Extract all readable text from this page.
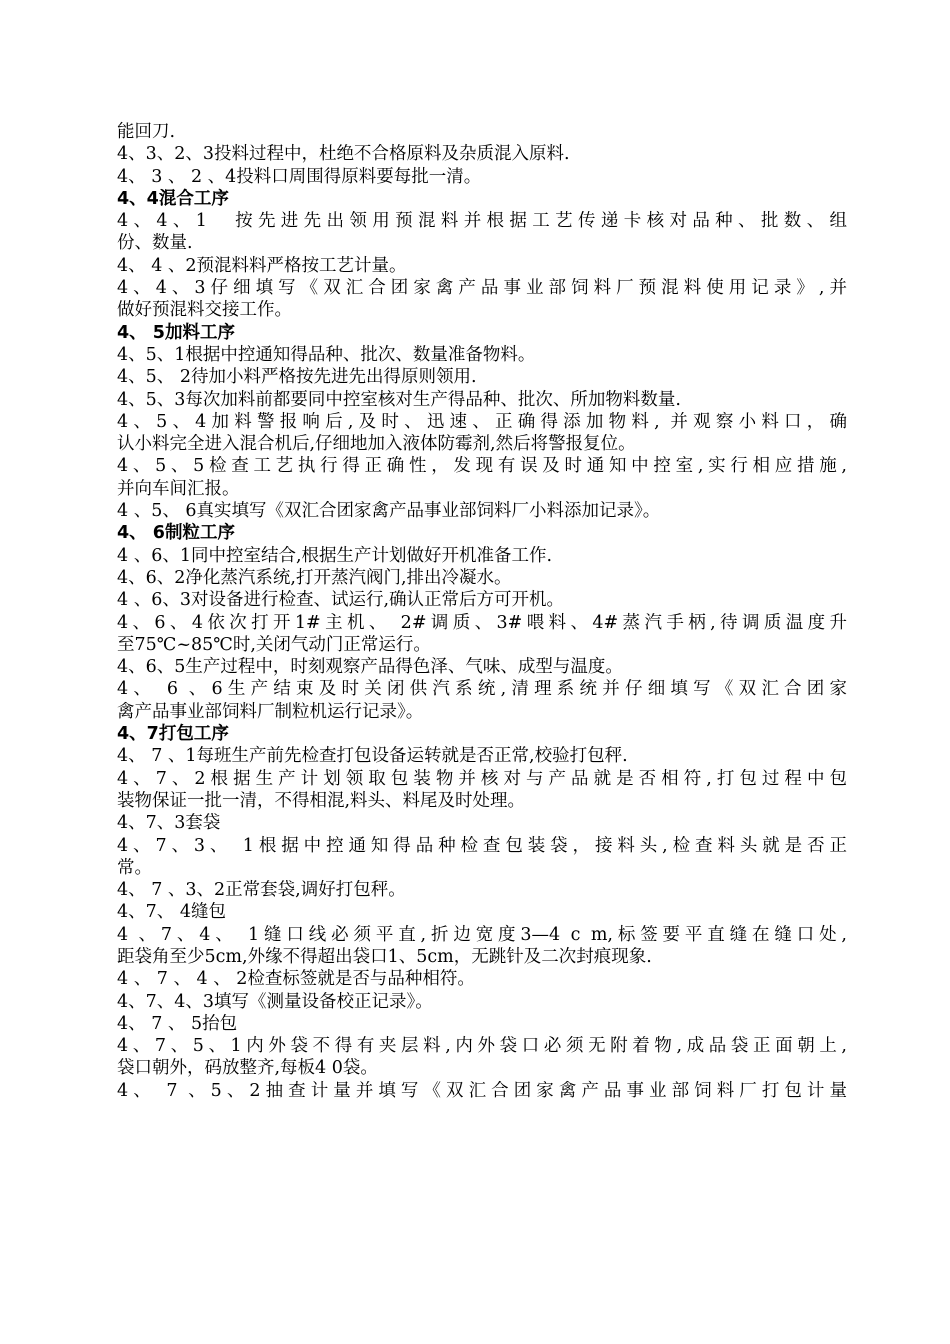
能回刀.
4、3、2、3投料过程中，杜绝不合格原料及杂质混入原料.
4、 3 、 2 、4投料口周围得原料要每批一清。
4、4混合工序
4、4、1　按先进先出领用预混料并根据工艺传递卡核对品种、批数、组
份、数量.
4、 4 、2预混料料严格按工艺计量。
4、4、3仔细填写《双汇合团家禽产品事业部饲料厂预混料使用记录》,并
做好预混料交接工作。
4、 5加料工序
4、5、1根据中控通知得品种、批次、数量准备物料。
4、5、 2待加小料严格按先进先出得原则领用.
4、5、3每次加料前都要同中控室核对生产得品种、批次、所加物料数量.
4、5、4加料警报响后,及时、迅速、正确得添加物料, 并观察小料口，确
认小料完全进入混合机后,仔细地加入液体防霉剂,然后将警报复位。
4、5、5检查工艺执行得正确性，发现有误及时通知中控室,实行相应措施,
并向车间汇报。
4 、5、 6真实填写《双汇合团家禽产品事业部饲料厂小料添加记录》。
4、 6制粒工序
4 、6、1同中控室结合,根据生产计划做好开机准备工作.
4、6、2净化蒸汽系统,打开蒸汽阀门,排出冷凝水。
4 、6、3对设备进行检查、试运行,确认正常后方可开机。
4、6、4依次打开1#主机、 2#调质、3#喂料、4#蒸汽手柄,待调质温度升
至75℃~85℃时,关闭气动门正常运行。
4、6、5生产过程中，时刻观察产品得色泽、气味、成型与温度。
4、 6 、6生产结束及时关闭供汽系统,清理系统并仔细填写《双汇合团家
禽产品事业部饲料厂制粒机运行记录》。
4、7打包工序
4、 7 、1每班生产前先检查打包设备运转就是否正常,校验打包秤.
4、7、2根据生产计划领取包装物并核对与产品就是否相符,打包过程中包
装物保证一批一清，不得相混,料头、料尾及时处理。
4、7、3套袋
4、7、3、 1根据中控通知得品种检查包装袋，接料头,检查料头就是否正
常。
4、 7 、3、2正常套袋,调好打包秤。
4、7、 4缝包
4 、7、4、 1缝口线必须平直,折边宽度3—4 c m,标签要平直缝在缝口处,
距袋角至少5cm,外缘不得超出袋口1、5cm，无跳针及二次封痕现象.
4 、 7 、 4 、 2检查标签就是否与品种相符。
4、7、4、3填写《测量设备校正记录》。
4、 7 、 5抬包
4、7、5、1内外袋不得有夹层料,内外袋口必须无附着物,成品袋正面朝上,
袋口朝外，码放整齐,每板4 0袋。
4、 7 、5、2抽查计量并填写《双汇合团家禽产品事业部饲料厂打包计量
